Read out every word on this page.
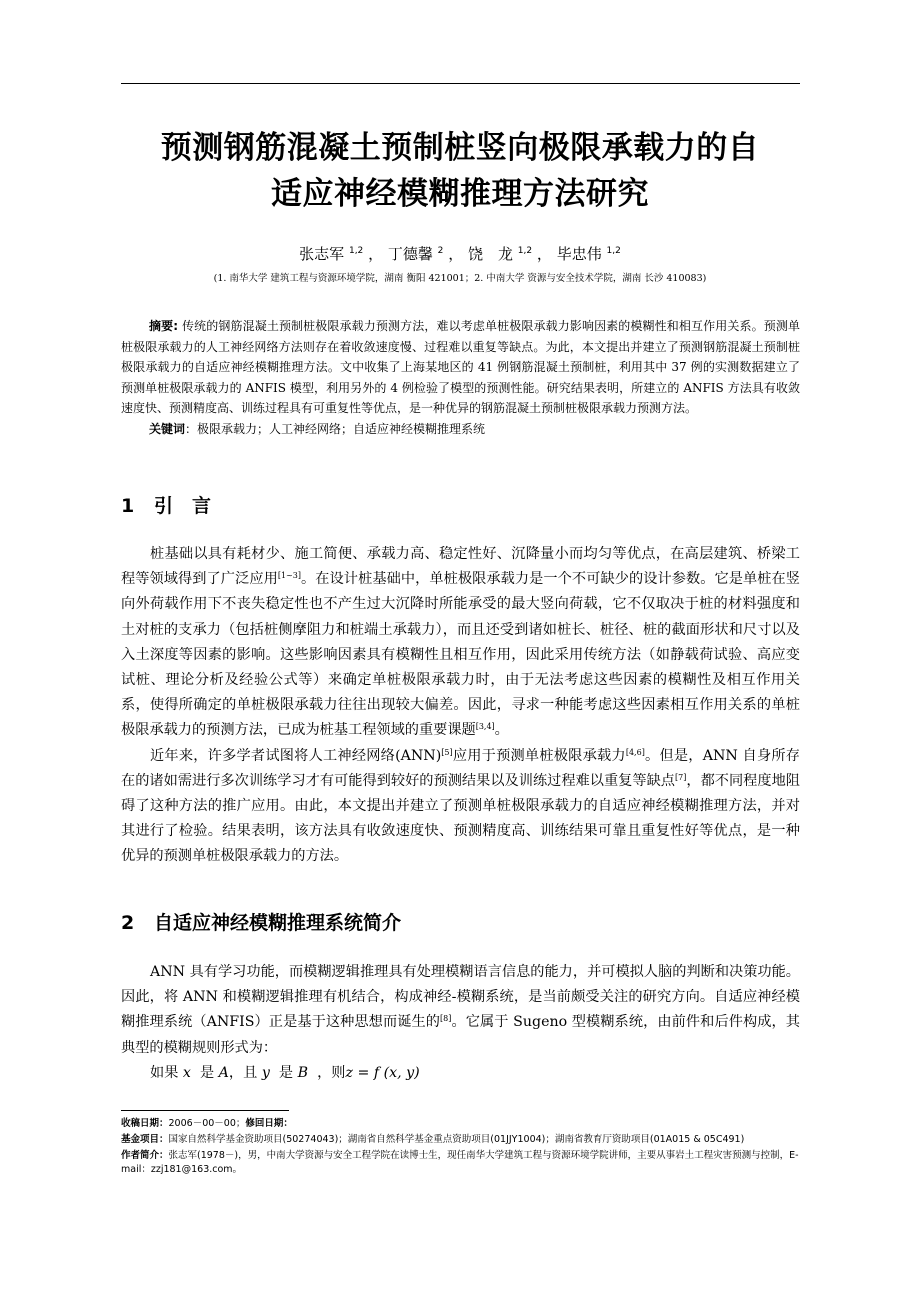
预测钢筋混凝土预制桩竖向极限承载力的自
适应神经模糊推理方法研究
张志军 $^{1,2}$ ， 丁德馨 $^2$ ， 饶　龙 $^{1,2}$ ， 毕忠伟 $^{1,2}$
(1. 南华大学 建筑工程与资源环境学院，湖南 衡阳 421001；2. 中南大学 资源与安全技术学院，湖南 长沙 410083)

摘要: 传统的钢筋混凝土预制桩极限承载力预测方法，难以考虑单桩极限承载力影响因素的模糊性和相互作用关系。预测单桩极限承载力的人工神经网络方法则存在着收敛速度慢、过程难以重复等缺点。为此，本文提出并建立了预测钢筋混凝土预制桩极限承载力的自适应神经模糊推理方法。文中收集了上海某地区的 41 例钢筋混凝土预制桩，利用其中 37 例的实测数据建立了预测单桩极限承载力的 ANFIS 模型，利用另外的 4 例检验了模型的预测性能。研究结果表明，所建立的 ANFIS 方法具有收敛速度快、预测精度高、训练过程具有可重复性等优点，是一种优异的钢筋混凝土预制桩极限承载力预测方法。

关键词：极限承载力；人工神经网络；自适应神经模糊推理系统

1 引　言

桩基础以具有耗材少、施工简便、承载力高、稳定性好、沉降量小而均匀等优点，在高层建筑、桥梁工程等领域得到了广泛应用[1~3]。在设计桩基础中，单桩极限承载力是一个不可缺少的设计参数。它是单桩在竖向外荷载作用下不丧失稳定性也不产生过大沉降时所能承受的最大竖向荷载，它不仅取决于桩的材料强度和土对桩的支承力（包括桩侧摩阻力和桩端土承载力），而且还受到诸如桩长、桩径、桩的截面形状和尺寸以及入土深度等因素的影响。这些影响因素具有模糊性且相互作用，因此采用传统方法（如静载荷试验、高应变试桩、理论分析及经验公式等）来确定单桩极限承载力时，由于无法考虑这些因素的模糊性及相互作用关系，使得所确定的单桩极限承载力往往出现较大偏差。因此，寻求一种能考虑这些因素相互作用关系的单桩极限承载力的预测方法，已成为桩基工程领域的重要课题[3,4]。

近年来，许多学者试图将人工神经网络(ANN)[5]应用于预测单桩极限承载力[4,6]。但是，ANN 自身所存在的诸如需进行多次训练学习才有可能得到较好的预测结果以及训练过程难以重复等缺点[7]，都不同程度地阻碍了这种方法的推广应用。由此，本文提出并建立了预测单桩极限承载力的自适应神经模糊推理方法，并对其进行了检验。结果表明，该方法具有收敛速度快、预测精度高、训练结果可靠且重复性好等优点，是一种优异的预测单桩极限承载力的方法。

2 自适应神经模糊推理系统简介

ANN 具有学习功能，而模糊逻辑推理具有处理模糊语言信息的能力，并可模拟人脑的判断和决策功能。因此，将 ANN 和模糊逻辑推理有机结合，构成神经-模糊系统，是当前颇受关注的研究方向。自适应神经模糊推理系统（ANFIS）正是基于这种思想而诞生的[8]。它属于 Sugeno 型模糊系统，由前件和后件构成，其典型的模糊规则形式为：

如果 x 是 A，且 y 是 B ，则z = f (x, y)

收稿日期：2006－00－00；修回日期：

基金项目：国家自然科学基金资助项目(50274043)；湖南省自然科学基金重点资助项目(01JJY1004)；湖南省教育厅资助项目(01A015 & 05C491)

作者简介：张志军(1978－)，男，中南大学资源与安全工程学院在读博士生，现任南华大学建筑工程与资源环境学院讲师，主要从事岩土工程灾害预测与控制，E-mail：zzj181@163.com。
